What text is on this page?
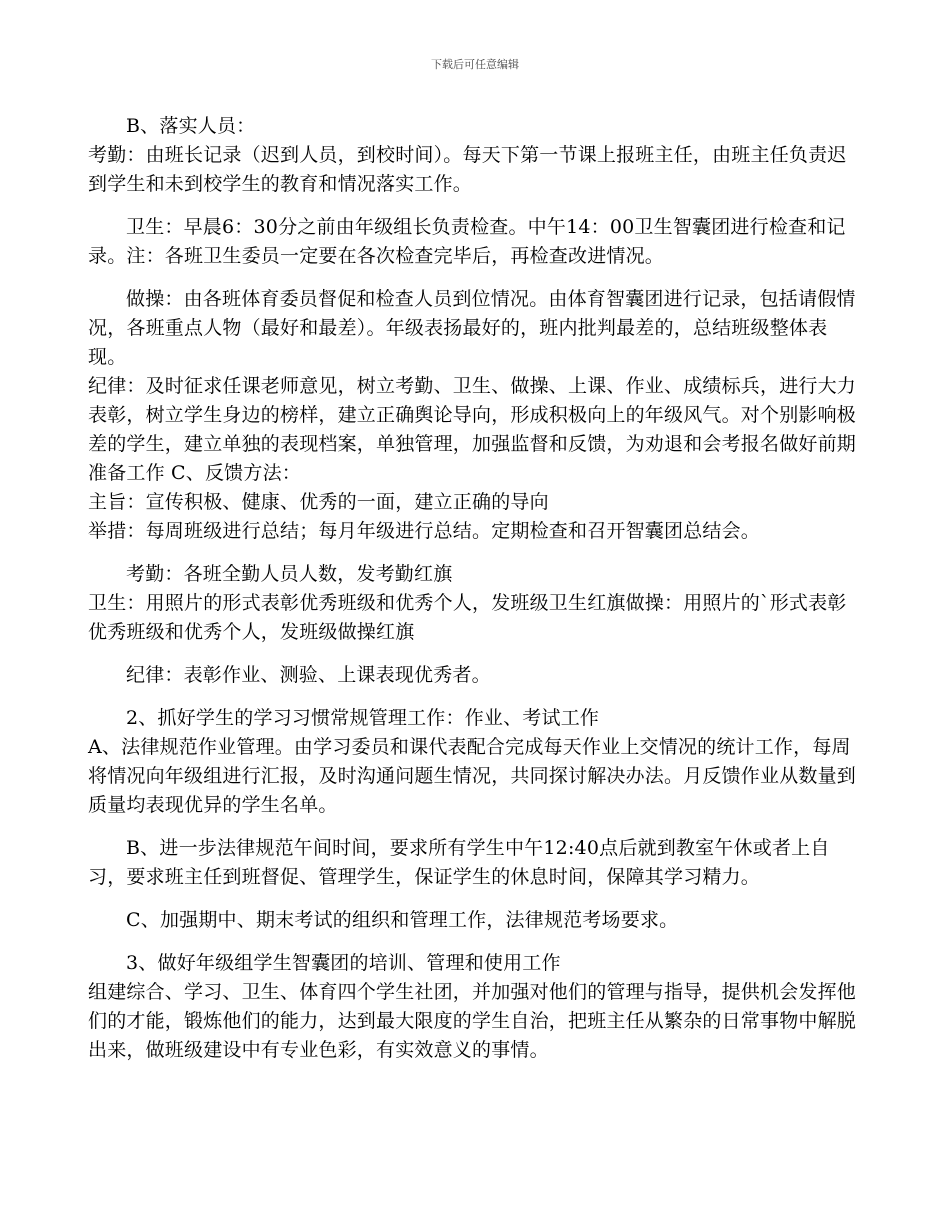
下载后可任意编辑

B、落实人员：

考勤：由班长记录（迟到人员，到校时间）。每天下第一节课上报班主任，由班主任负责迟到学生和未到校学生的教育和情况落实工作。

卫生：早晨6：30分之前由年级组长负责检查。中午14：00卫生智囊团进行检查和记录。注：各班卫生委员一定要在各次检查完毕后，再检查改进情况。

做操：由各班体育委员督促和检查人员到位情况。由体育智囊团进行记录，包括请假情况，各班重点人物（最好和最差）。年级表扬最好的，班内批判最差的，总结班级整体表现。

纪律：及时征求任课老师意见，树立考勤、卫生、做操、上课、作业、成绩标兵，进行大力表彰，树立学生身边的榜样，建立正确舆论导向，形成积极向上的年级风气。对个别影响极差的学生，建立单独的表现档案，单独管理，加强监督和反馈，为劝退和会考报名做好前期准备工作 C、反馈方法：

主旨：宣传积极、健康、优秀的一面，建立正确的导向

举措：每周班级进行总结；每月年级进行总结。定期检查和召开智囊团总结会。

考勤：各班全勤人员人数，发考勤红旗

卫生：用照片的形式表彰优秀班级和优秀个人，发班级卫生红旗做操：用照片的`形式表彰优秀班级和优秀个人，发班级做操红旗

纪律：表彰作业、测验、上课表现优秀者。

2、抓好学生的学习习惯常规管理工作：作业、考试工作

A、法律规范作业管理。由学习委员和课代表配合完成每天作业上交情况的统计工作，每周将情况向年级组进行汇报，及时沟通问题生情况，共同探讨解决办法。月反馈作业从数量到质量均表现优异的学生名单。

B、进一步法律规范午间时间，要求所有学生中午12:40点后就到教室午休或者上自习，要求班主任到班督促、管理学生，保证学生的休息时间，保障其学习精力。

C、加强期中、期末考试的组织和管理工作，法律规范考场要求。

3、做好年级组学生智囊团的培训、管理和使用工作

组建综合、学习、卫生、体育四个学生社团，并加强对他们的管理与指导，提供机会发挥他们的才能，锻炼他们的能力，达到最大限度的学生自治，把班主任从繁杂的日常事物中解脱出来，做班级建设中有专业色彩，有实效意义的事情。
